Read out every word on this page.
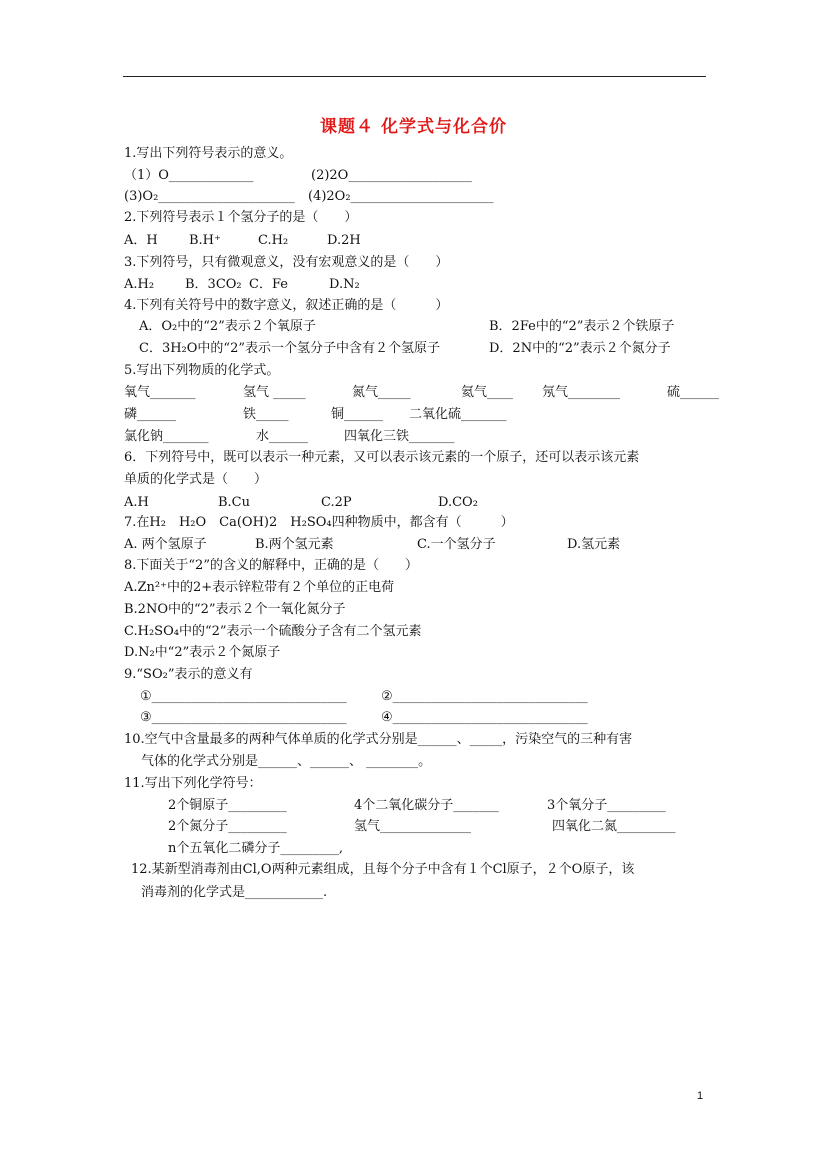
课题４ 化学式与化合价
1.写出下列符号表示的意义。
（1）O_____________	(2)2O___________________
(3)O₂_____________________ (4)2O₂______________________
2.下列符号表示１个氢分子的是（　　）
A．H B.H⁺	C.H₂	D.2H
3.下列符号，只有微观意义，没有宏观意义的是（　　）
A.H₂ B．3CO₂ C．Fe	D.N₂
4.下列有关符号中的数字意义，叙述正确的是（　　　）
A．O₂中的“2”表示２个氧原子	B．2Fe中的“2”表示２个铁原子
C．3H₂O中的“2”表示一个氢分子中含有２个氢原子	D．2N中的“2”表示２个氮分子
5.写出下列物质的化学式。
氧气_______	氢气 _____	氮气_____	氦气____ 氖气________	硫______
磷______	铁_____	铜______ 二氧化硫_______
氯化钠_______	水______	四氧化三铁_______
6．下列符号中，既可以表示一种元素，又可以表示该元素的一个原子，还可以表示该元素
单质的化学式是（　　）
A.H	B.Cu	C.2P	D.CO₂
7.在H₂　H₂O　Ca(OH)2　H₂SO₄四种物质中，都含有（　　　）
A. 两个氢原子	B.两个氢元素	C.一个氢分子	D.氢元素
8.下面关于“2”的含义的解释中，正确的是（　　）
A.Zn²⁺中的2+表示锌粒带有２个单位的正电荷
B.2NO中的“2”表示２个一氧化氮分子
C.H₂SO₄中的“2”表示一个硫酸分子含有二个氢元素
D.N₂中“2”表示２个氮原子
9.“SO₂”表示的意义有
①______________________________	②______________________________
③______________________________	④______________________________
10.空气中含量最多的两种气体单质的化学式分别是______、_____，污染空气的三种有害
气体的化学式分别是______、______、 ________。
11.写出下列化学符号：
2个铜原子_________	4个二氧化碳分子_______	3个氧分子_________
2个氮分子_________	氢气______________	四氧化二氮_________
n个五氧化二磷分子_________,
12.某新型消毒剂由Cl,O两种元素组成，且每个分子中含有１个Cl原子，２个O原子，该
消毒剂的化学式是____________.
1
